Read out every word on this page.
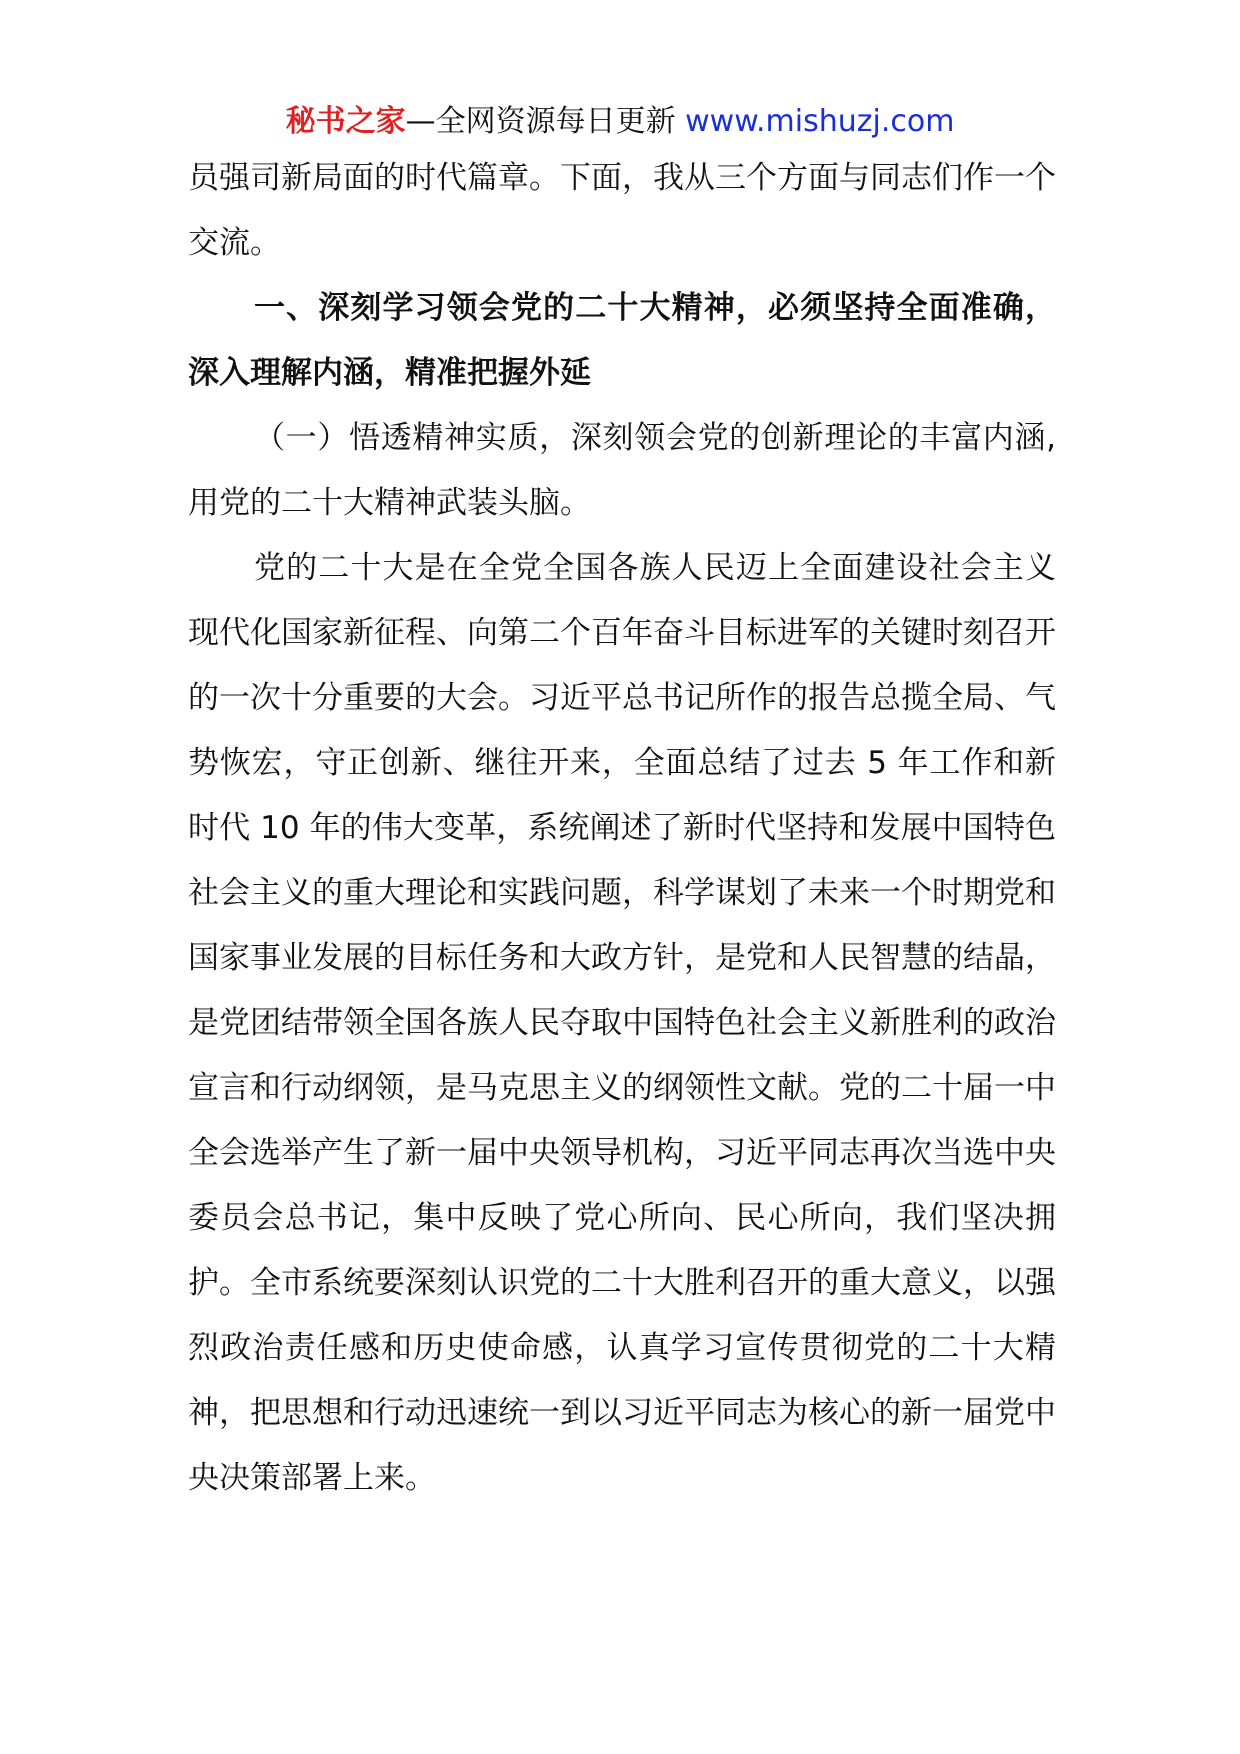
秘书之家—全网资源每日更新 www.mishuzj.com

员强司新局面的时代篇章。下面，我从三个方面与同志们作一个交流。

一、深刻学习领会党的二十大精神，必须坚持全面准确，深入理解内涵，精准把握外延

（一）悟透精神实质，深刻领会党的创新理论的丰富内涵,用党的二十大精神武装头脑。

党的二十大是在全党全国各族人民迈上全面建设社会主义现代化国家新征程、向第二个百年奋斗目标进军的关键时刻召开的一次十分重要的大会。习近平总书记所作的报告总揽全局、气势恢宏，守正创新、继往开来，全面总结了过去 5 年工作和新时代 10 年的伟大变革，系统阐述了新时代坚持和发展中国特色社会主义的重大理论和实践问题，科学谋划了未来一个时期党和国家事业发展的目标任务和大政方针，是党和人民智慧的结晶，是党团结带领全国各族人民夺取中国特色社会主义新胜利的政治宣言和行动纲领，是马克思主义的纲领性文献。党的二十届一中全会选举产生了新一届中央领导机构，习近平同志再次当选中央委员会总书记，集中反映了党心所向、民心所向，我们坚决拥护。全市系统要深刻认识党的二十大胜利召开的重大意义，以强烈政治责任感和历史使命感，认真学习宣传贯彻党的二十大精神，把思想和行动迅速统一到以习近平同志为核心的新一届党中央决策部署上来。
